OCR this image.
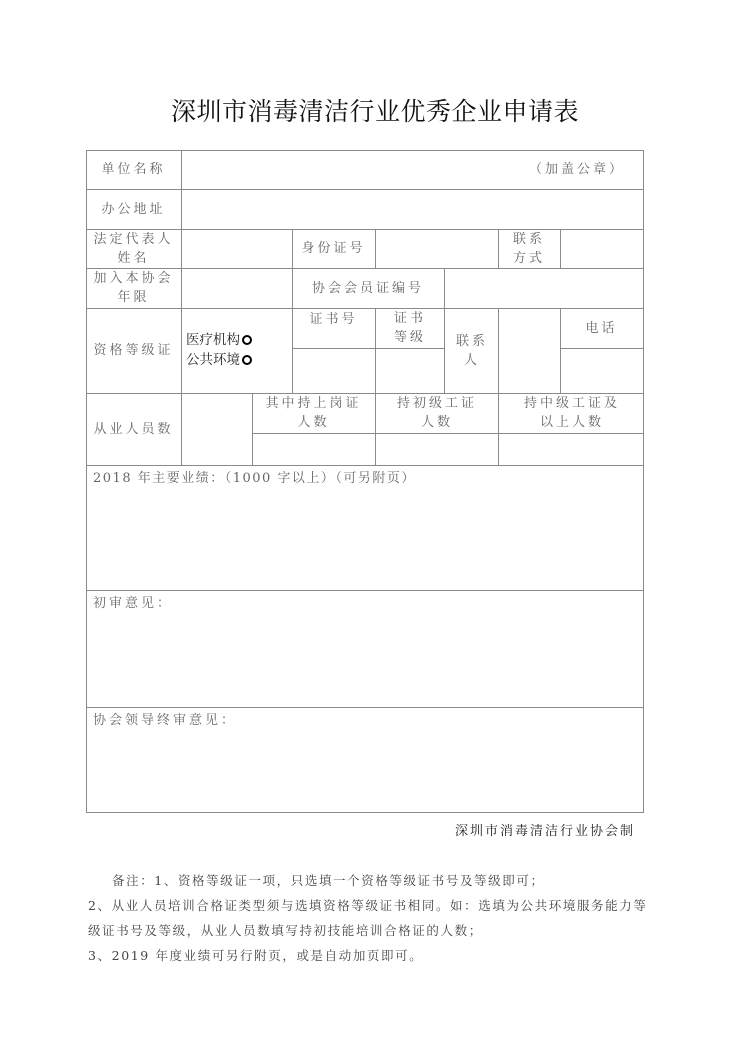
深圳市消毒清洁行业优秀企业申请表
单位名称	（加盖公章）
办公地址
法定代表人
姓名
身份证号
联系
方式
加入本协会
年限
协会会员证编号
资格等级证
医疗机构
公共环境
证书号	证书
等级 联系
人
电话
从业人员数
其中持上岗证
人数
持初级工证
人数
持中级工证及
以上人数
2018 年主要业绩：（1000 字以上）（可另附页）
初审意见：
协会领导终审意见：
深圳市消毒清洁行业协会制
备注：1、资格等级证一项，只选填一个资格等级证书号及等级即可；
2、从业人员培训合格证类型须与选填资格等级证书相同。如：选填为公共环境服务能力等级证书号及等级，从业人员数填写持初技能培训合格证的人数；
3、2019 年度业绩可另行附页，或是自动加页即可。
